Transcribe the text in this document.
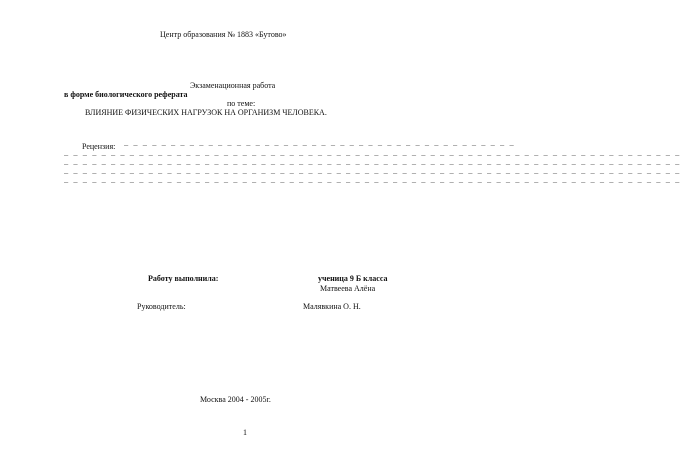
Центр образования № 1883 «Бутово»
Экзаменационная работа
в форме биологического реферата
по теме:
ВЛИЯНИЕ ФИЗИЧЕСКИХ НАГРУЗОК НА ОРГАНИЗМ ЧЕЛОВЕКА.
Рецензия: _ _ _ _ _ _ _ _ _ _ _ _ _ _ _ _ _ _ _ _ _ _ _ _ _ _ _ _ _ _ _ _ _ _ _ _ _ _ _ _ _ _
_ _ _ _ _ _ _ _ _ _ _ _ _ _ _ _ _ _ _ _ _ _ _ _ _ _ _ _ _ _ _ _ _ _ _ _ _ _ _ _ _ _ _ _ _ _ _ _ _ _ _ _ _ _ _ _ _ _ _ _ _ _ _ _ _ _
_ _ _ _ _ _ _ _ _ _ _ _ _ _ _ _ _ _ _ _ _ _ _ _ _ _ _ _ _ _ _ _ _ _ _ _ _ _ _ _ _ _ _ _ _ _ _ _ _ _ _ _ _ _ _ _ _ _ _ _ _ _ _ _ _ _
_ _ _ _ _ _ _ _ _ _ _ _ _ _ _ _ _ _ _ _ _ _ _ _ _ _ _ _ _ _ _ _ _ _ _ _ _ _ _ _ _ _ _ _ _ _ _ _ _ _ _ _ _ _ _ _ _ _ _ _ _ _ _ _ _ _
_ _ _ _ _ _ _ _ _ _ _ _ _ _ _ _ _ _ _ _ _ _ _ _ _ _ _ _ _ _ _ _ _ _ _ _ _ _ _ _ _ _ _ _ _ _ _ _ _ _ _ _ _ _ _ _ _ _ _ _ _ _ _ _ _ _
Работу выполнила:	ученица 9 Б класса
Матвеева Алёна
Руководитель:	Малявкина О. Н.
Москва 2004 - 2005г.
1
